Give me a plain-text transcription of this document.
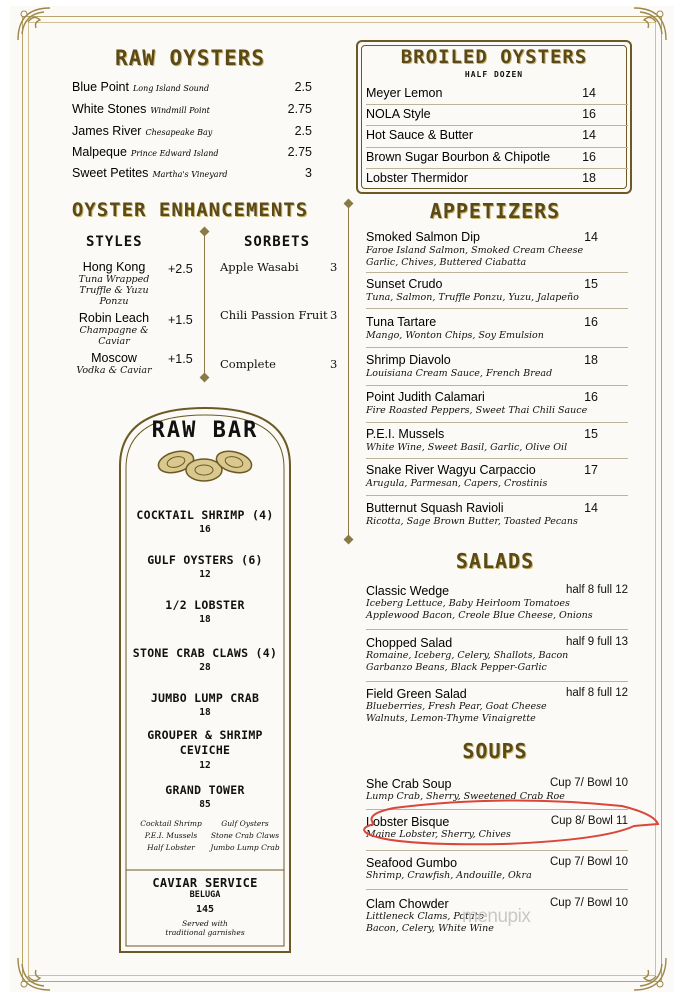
RAW OYSTERS
Blue Point Long Island Sound	2.5
White Stones Windmill Point	2.75
James River Chesapeake Bay	2.5
Malpeque Prince Edward Island	2.75
Sweet Petites Martha's Vineyard	3
BROILED OYSTERS
HALF DOZEN
Meyer Lemon	14
NOLA Style	16
Hot Sauce & Butter	14
Brown Sugar Bourbon & Chipotle	16
Lobster Thermidor	18
OYSTER ENHANCEMENTS
STYLES	SORBETS
Hong Kong
Tuna Wrapped
Truffle & Yuzu Ponzu
+2.5
Robin Leach
Champagne & Caviar
+1.5
Moscow
Vodka & Caviar
+1.5
Apple Wasabi	3
Chili Passion Fruit 3
Complete	3
RAW BAR
COCKTAIL SHRIMP (4)
16
GULF OYSTERS (6)
12
1/2 LOBSTER
18
STONE CRAB CLAWS (4)
28
JUMBO LUMP CRAB
18
GROUPER & SHRIMP CEVICHE
12
GRAND TOWER
85
Cocktail Shrimp
P.E.I. Mussels
Half Lobster
Gulf Oysters
Stone Crab Claws
Jumbo Lump Crab
CAVIAR SERVICE
BELUGA
145
Served with
traditional garnishes
APPETIZERS
Smoked Salmon Dip	14
Faroe Island Salmon, Smoked Cream Cheese
Garlic, Chives, Buttered Ciabatta
Sunset Crudo	15
Tuna, Salmon, Truffle Ponzu, Yuzu, Jalapeño
Tuna Tartare	16
Mango, Wonton Chips, Soy Emulsion
Shrimp Diavolo	18
Louisiana Cream Sauce, French Bread
Point Judith Calamari	16
Fire Roasted Peppers, Sweet Thai Chili Sauce
P.E.I. Mussels	15
White Wine, Sweet Basil, Garlic, Olive Oil
Snake River Wagyu Carpaccio	17
Arugula, Parmesan, Capers, Crostinis
Butternut Squash Ravioli	14
Ricotta, Sage Brown Butter, Toasted Pecans
SALADS
Classic Wedge	half 8 full 12
Iceberg Lettuce, Baby Heirloom Tomatoes
Applewood Bacon, Creole Blue Cheese, Onions
Chopped Salad	half 9 full 13
Romaine, Iceberg, Celery, Shallots, Bacon
Garbanzo Beans, Black Pepper-Garlic
Field Green Salad	half 8 full 12
Blueberries, Fresh Pear, Goat Cheese
Walnuts, Lemon-Thyme Vinaigrette
SOUPS
She Crab Soup	Cup 7/ Bowl 10
Lump Crab, Sherry, Sweetened Crab Roe
Lobster Bisque	Cup 8/ Bowl 11
Maine Lobster, Sherry, Chives
Seafood Gumbo	Cup 7/ Bowl 10
Shrimp, Crawfish, Andouille, Okra
Clam Chowder	Cup 7/ Bowl 10
Littleneck Clams, Potato
Bacon, Celery, White Wine
menupix
